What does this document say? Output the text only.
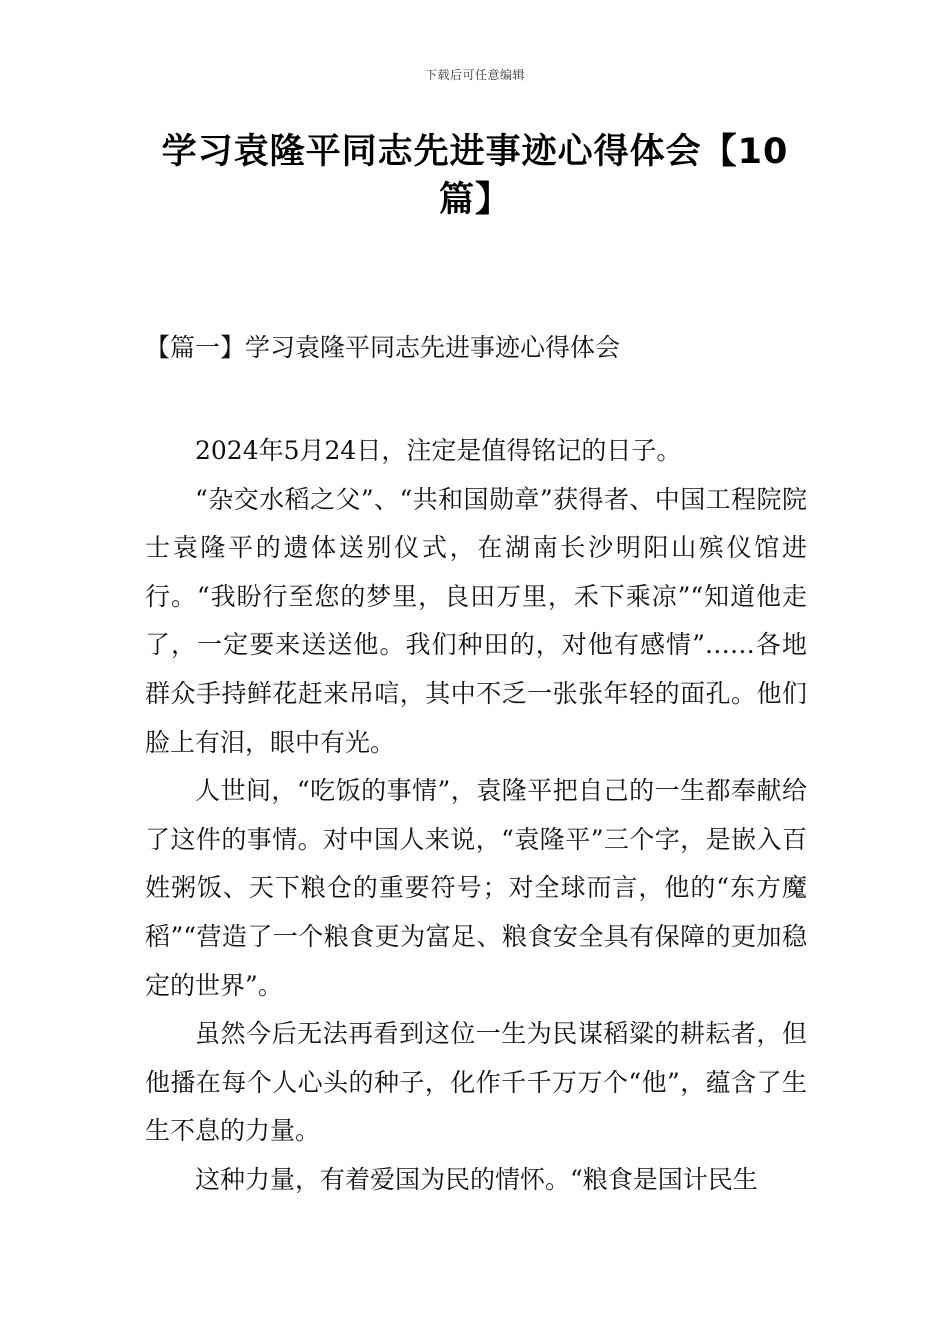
下载后可任意编辑
学习袁隆平同志先进事迹心得体会【10篇】
【篇一】学习袁隆平同志先进事迹心得体会

2024年5月24日，注定是值得铭记的日子。

“杂交水稻之父”、“共和国勋章”获得者、中国工程院院士袁隆平的遗体送别仪式，在湖南长沙明阳山殡仪馆进行。“我盼行至您的梦里，良田万里，禾下乘凉”“知道他走了，一定要来送送他。我们种田的，对他有感情”……各地群众手持鲜花赶来吊唁，其中不乏一张张年轻的面孔。他们脸上有泪，眼中有光。

人世间，“吃饭的事情”，袁隆平把自己的一生都奉献给了这件的事情。对中国人来说，“袁隆平”三个字，是嵌入百姓粥饭、天下粮仓的重要符号；对全球而言，他的“东方魔稻”“营造了一个粮食更为富足、粮食安全具有保障的更加稳定的世界”。

虽然今后无法再看到这位一生为民谋稻粱的耕耘者，但他播在每个人心头的种子，化作千千万万个“他”，蕴含了生生不息的力量。

这种力量，有着爱国为民的情怀。“粮食是国计民生
